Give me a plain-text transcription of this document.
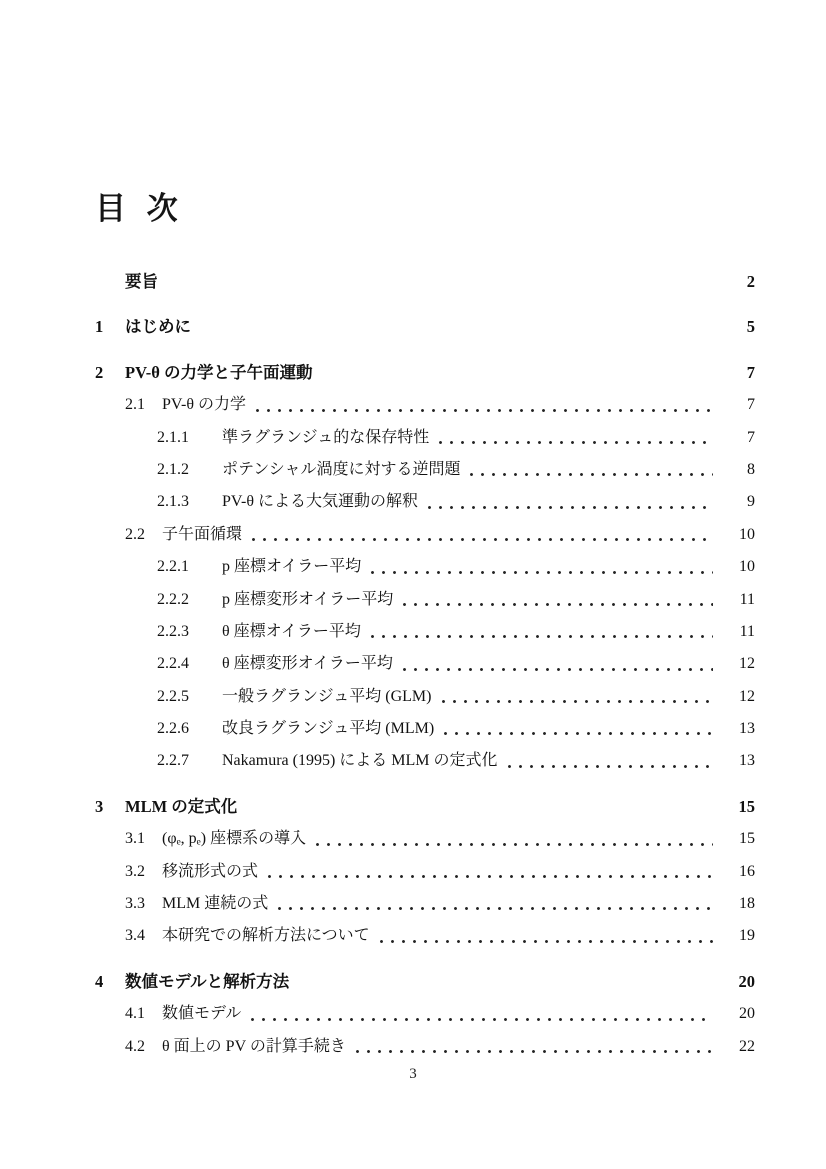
目 次
要旨	2
1	はじめに	5
2	PV-θ の力学と子午面運動	7
2.1	PV-θ の力学	7
2.1.1	準ラグランジュ的な保存特性	7
2.1.2	ポテンシャル渦度に対する逆問題	8
2.1.3	PV-θ による大気運動の解釈	9
2.2	子午面循環	10
2.2.1	p 座標オイラー平均	10
2.2.2	p 座標変形オイラー平均	11
2.2.3	θ 座標オイラー平均	11
2.2.4	θ 座標変形オイラー平均	12
2.2.5	一般ラグランジュ平均 (GLM)	12
2.2.6	改良ラグランジュ平均 (MLM)	13
2.2.7	Nakamura (1995) による MLM の定式化	13
3	MLM の定式化	15
3.1	(φₑ, pₑ) 座標系の導入	15
3.2	移流形式の式	16
3.3	MLM 連続の式	18
3.4	本研究での解析方法について	19
4	数値モデルと解析方法	20
4.1	数値モデル	20
4.2	θ 面上の PV の計算手続き	22
3
